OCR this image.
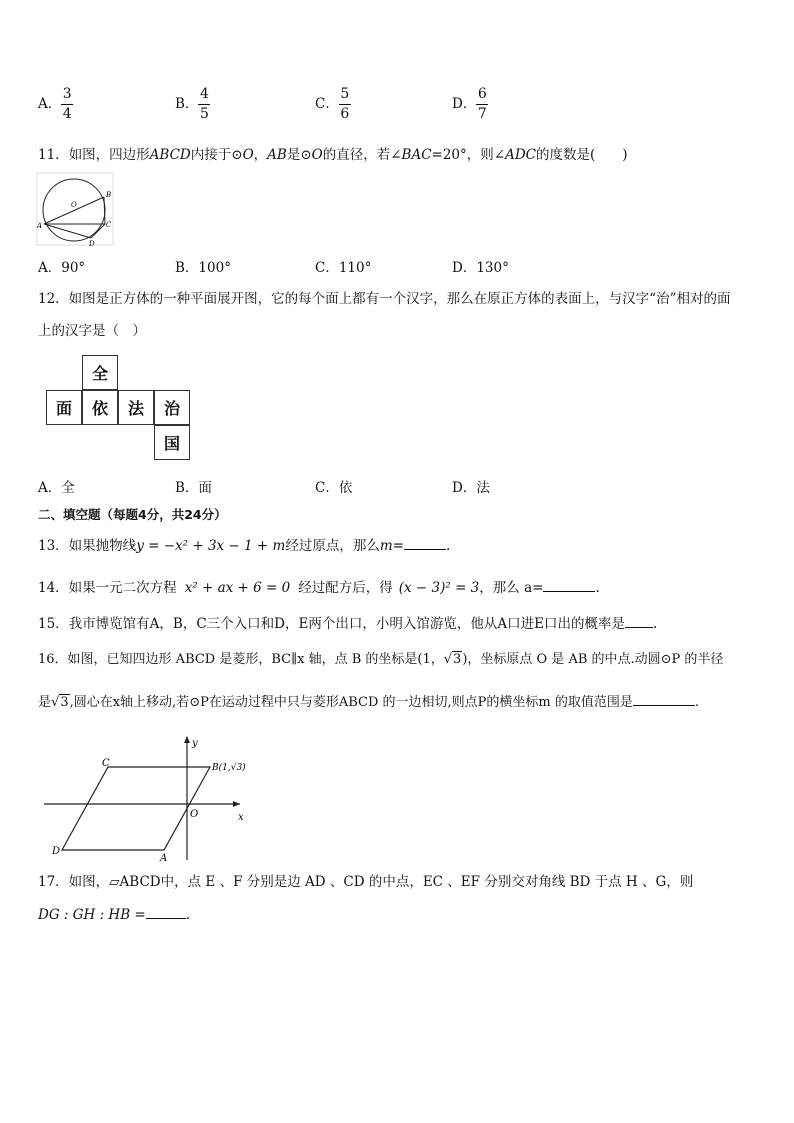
A． $\frac{3}{4}$	B． $\frac{4}{5}$	C． $\frac{5}{6}$	D． $\frac{6}{7}$
11．如图，四边形ABCD内接于⊙O，AB是⊙O的直径，若∠BAC=20°，则∠ADC的度数是(　　)
A
B
C
D
O
A．90°	B．100°	C．110°	D．130°
12．如图是正方体的一种平面展开图，它的每个面上都有一个汉字，那么在原正方体的表面上，与汉字“治”相对的面
上的汉字是（　）
全
面	依	法	治
国
A．全	B．面	C．依	D．法
二、填空题（每题4分，共24分）
13．如果抛物线y = −x² + 3x − 1 + m经过原点，那么m=	.
14．如果一元二次方程 x² + ax + 6 = 0 经过配方后，得 (x − 3)² = 3，那么 a=	.
15．我市博览馆有A，B，C三个入口和D，E两个出口，小明入馆游览，他从A口进E口出的概率是 .
16．如图，已知四边形 ABCD 是菱形，BC∥x 轴，点 B 的坐标是(1，√3)，坐标原点 O 是 AB 的中点.动圆⊙P 的半径
是√3,圆心在x轴上移动,若⊙P在运动过程中只与菱形ABCD 的一边相切,则点P的横坐标m 的取值范围是	.
C	B(1,√3)
D
A
O	x
y
17．如图，▱ABCD中，点 E 、F 分别是边 AD 、CD 的中点，EC 、EF 分别交对角线 BD 于点 H 、G，则
DG : GH : HB =	.
